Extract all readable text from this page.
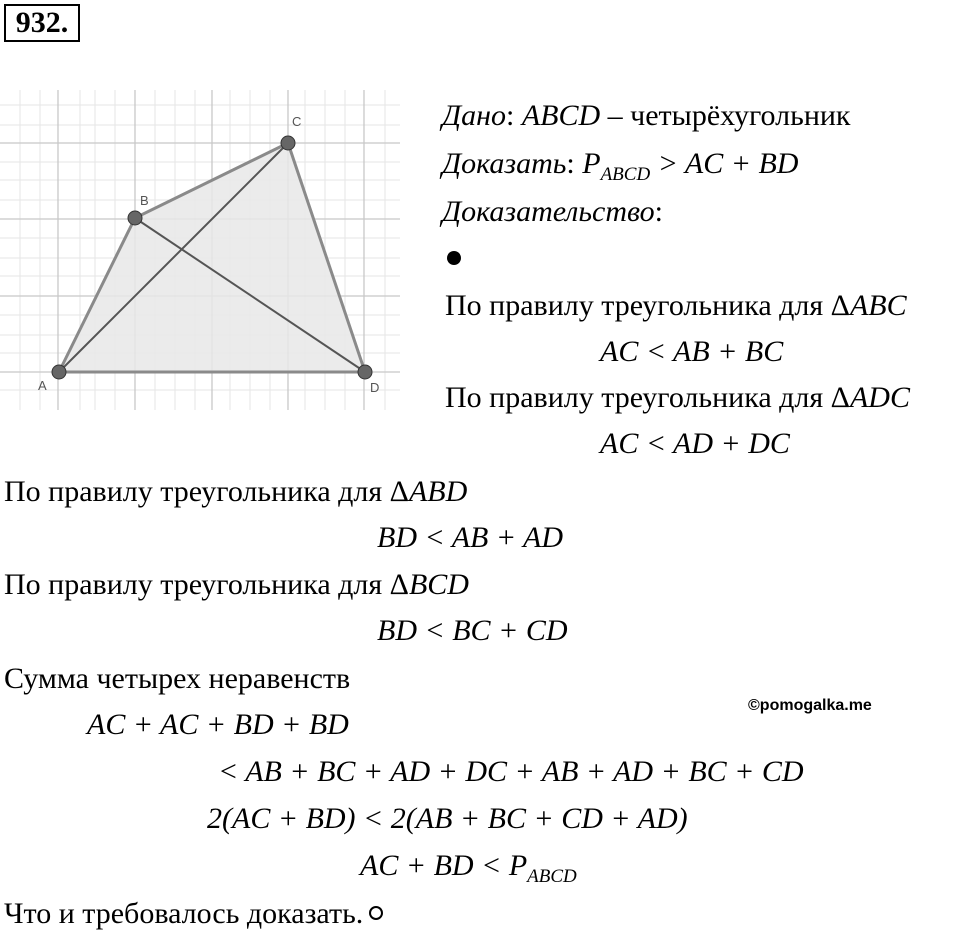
932.
A
B
C
D
Дано: ABCD – четырёхугольник
Доказать: $P_{ABCD}$ > AC + BD
Доказательство:
По правилу треугольника для ΔABC
AC < AB + BC
По правилу треугольника для ΔADC
AC < AD + DC
По правилу треугольника для ΔABD
BD < AB + AD
По правилу треугольника для ΔBCD
BD < BC + CD
Сумма четырех неравенств
©pomogalka.me
AC + AC + BD + BD
< AB + BC + AD + DC + AB + AD + BC + CD
2(AC + BD) < 2(AB + BC + CD + AD)
AC + BD < $P_{ABCD}$
Что и требовалось доказать.
